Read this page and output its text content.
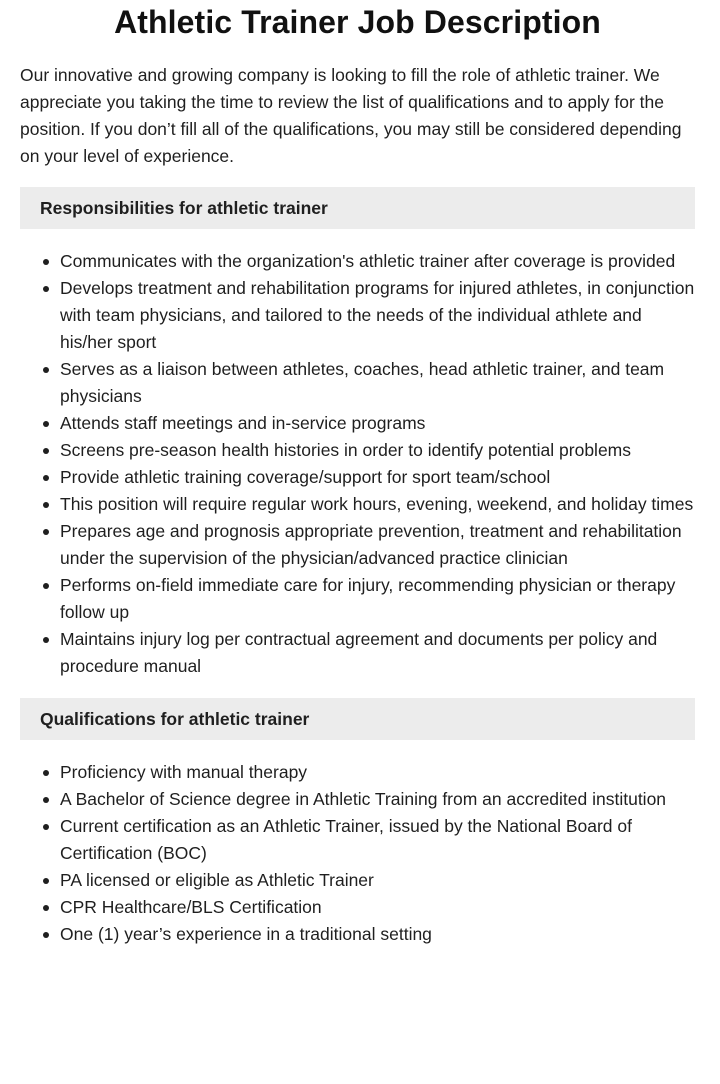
Athletic Trainer Job Description

Our innovative and growing company is looking to fill the role of athletic trainer. We appreciate you taking the time to review the list of qualifications and to apply for the position. If you don’t fill all of the qualifications, you may still be considered depending on your level of experience.

Responsibilities for athletic trainer
Communicates with the organization's athletic trainer after coverage is provided
Develops treatment and rehabilitation programs for injured athletes, in conjunction with team physicians, and tailored to the needs of the individual athlete and his/her sport
Serves as a liaison between athletes, coaches, head athletic trainer, and team physicians
Attends staff meetings and in-service programs
Screens pre-season health histories in order to identify potential problems
Provide athletic training coverage/support for sport team/school
This position will require regular work hours, evening, weekend, and holiday times
Prepares age and prognosis appropriate prevention, treatment and rehabilitation under the supervision of the physician/advanced practice clinician
Performs on-field immediate care for injury, recommending physician or therapy follow up
Maintains injury log per contractual agreement and documents per policy and procedure manual
Qualifications for athletic trainer
Proficiency with manual therapy
A Bachelor of Science degree in Athletic Training from an accredited institution
Current certification as an Athletic Trainer, issued by the National Board of Certification (BOC)
PA licensed or eligible as Athletic Trainer
CPR Healthcare/BLS Certification
One (1) year’s experience in a traditional setting
